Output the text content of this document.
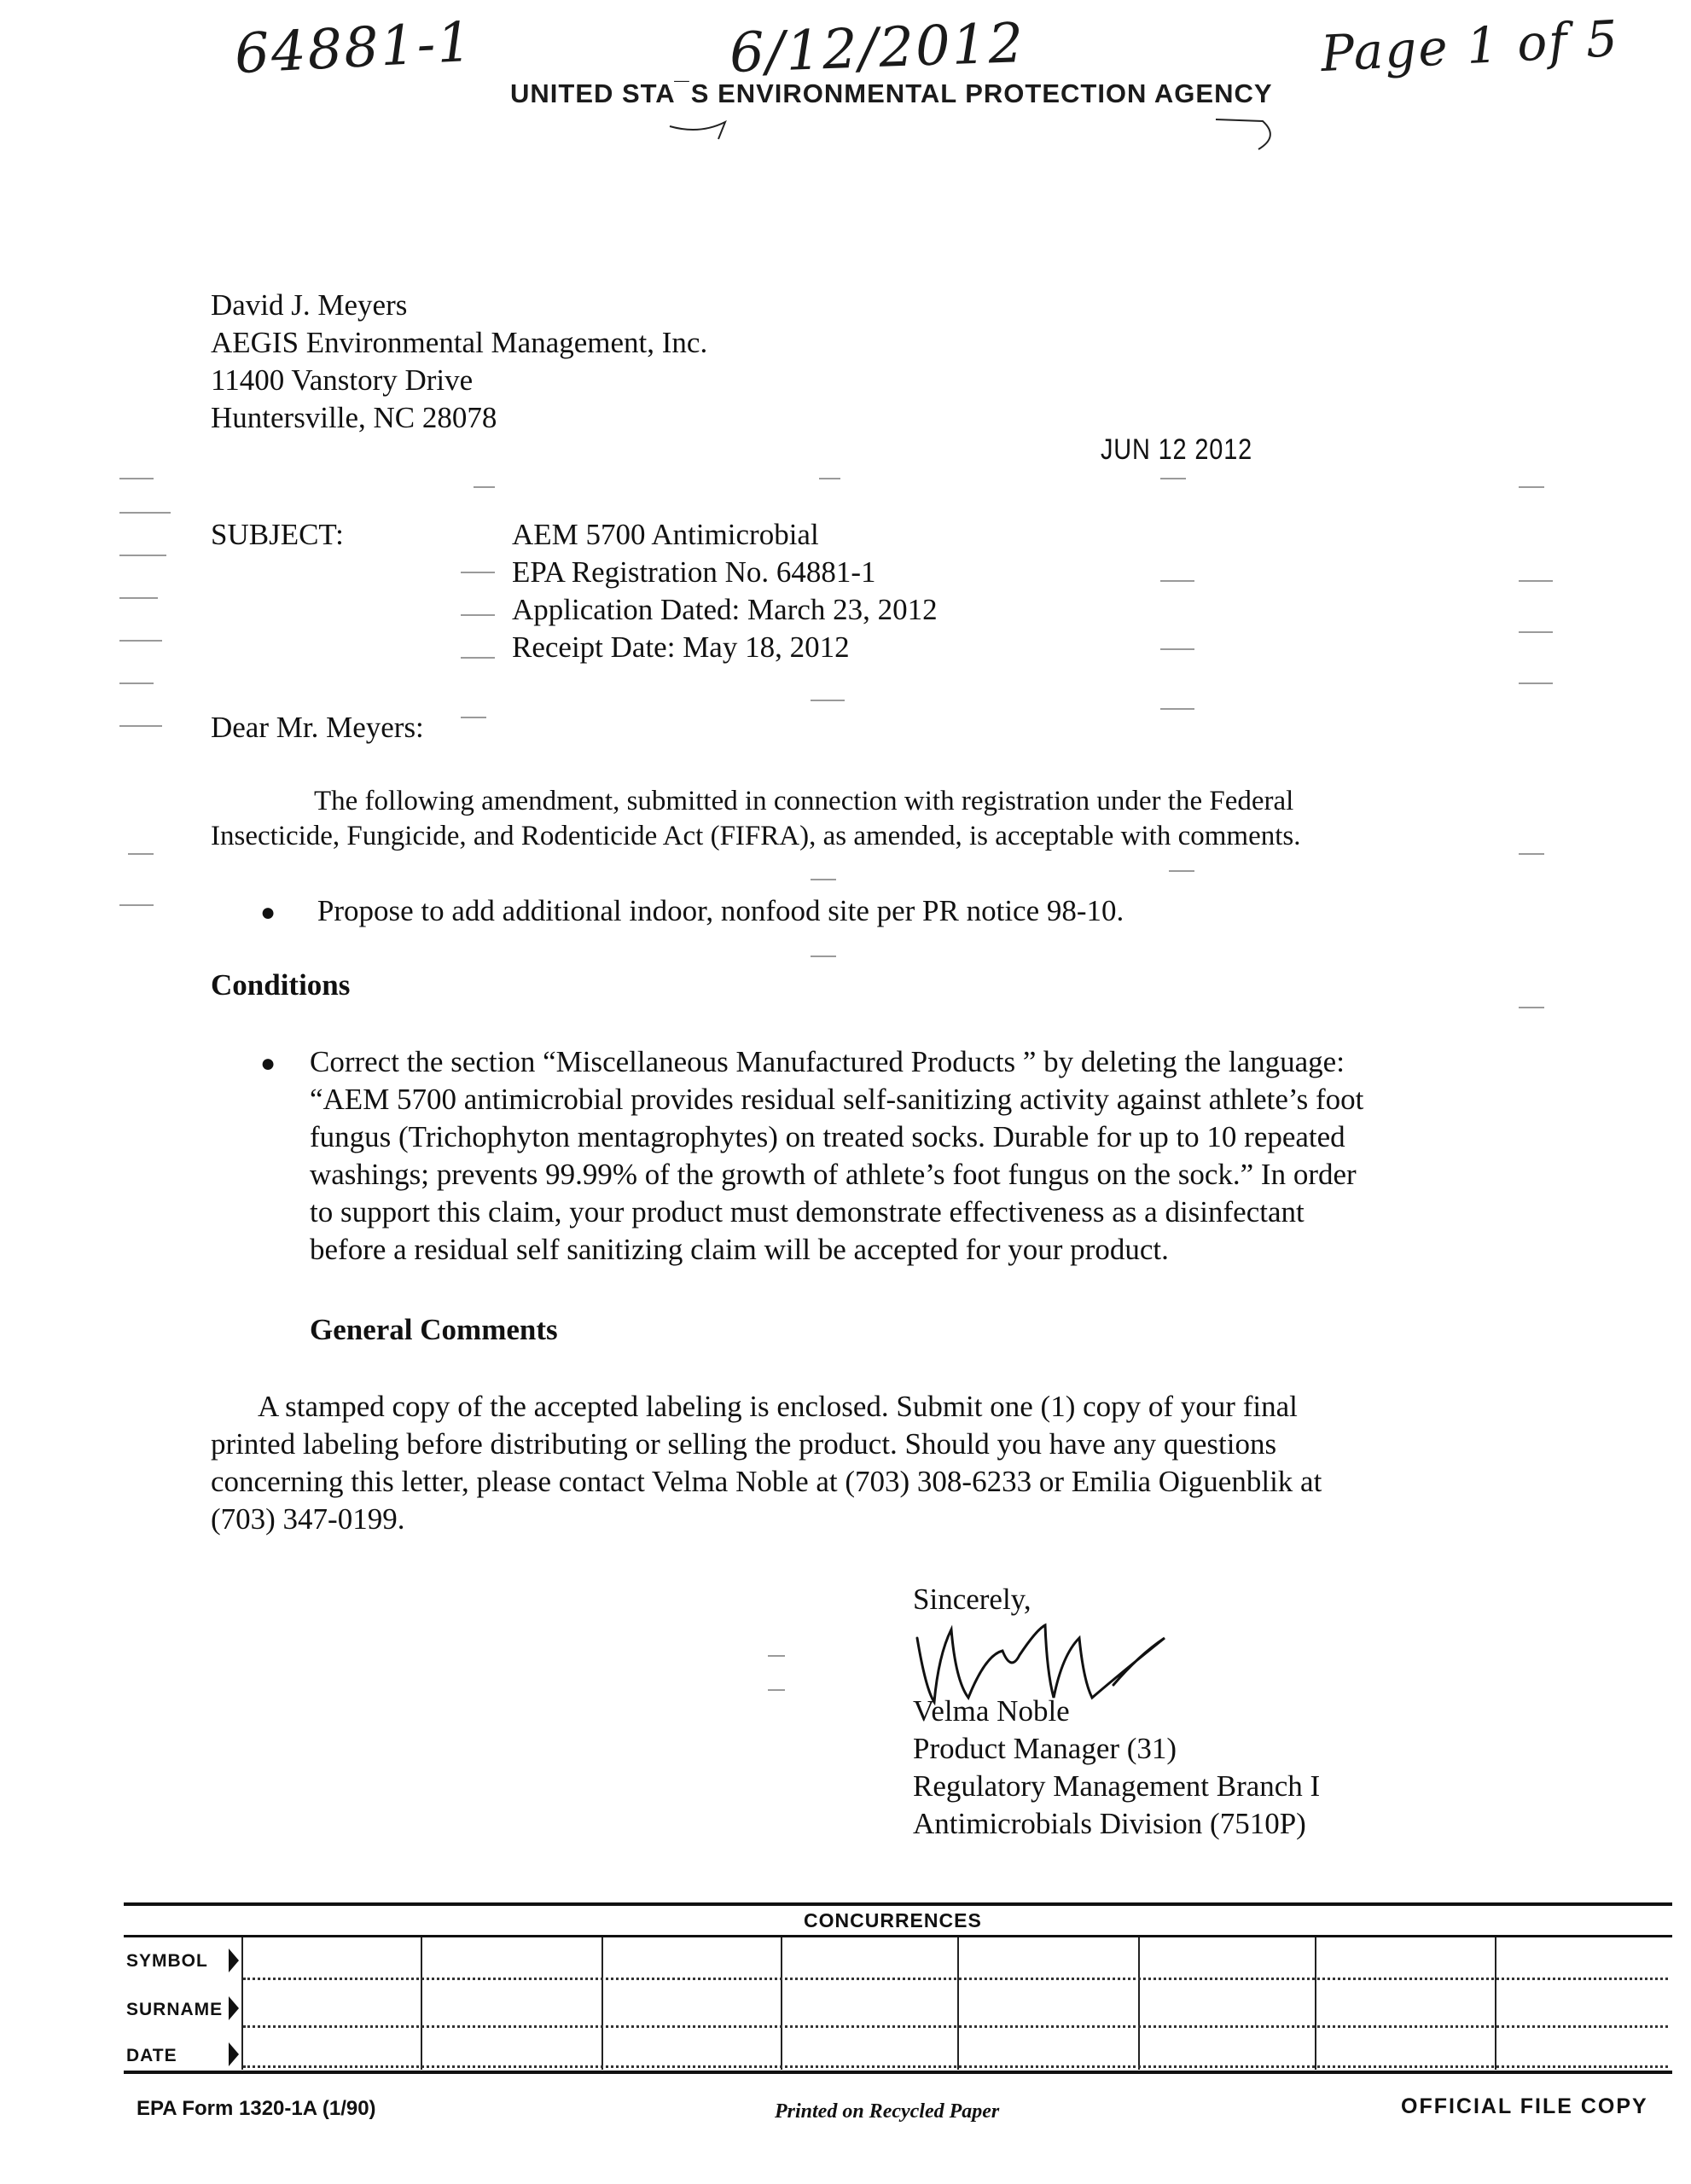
64881-1	6/12/2012	Page 1 of 5
UNITED STA ̅ S ENVIRONMENTAL PROTECTION AGENCY
David J. Meyers
AEGIS Environmental Management, Inc.
11400 Vanstory Drive
Huntersville, NC 28078
JUN 12 2012
SUBJECT:	AEM 5700 Antimicrobial
EPA Registration No. 64881-1
Application Dated: March 23, 2012
Receipt Date: May 18, 2012
Dear Mr. Meyers:
The following amendment, submitted in connection with registration under the Federal
Insecticide, Fungicide, and Rodenticide Act (FIFRA), as amended, is acceptable with comments.
● Propose to add additional indoor, nonfood site per PR notice 98-10.
Conditions
● Correct the section “Miscellaneous Manufactured Products ” by deleting the language:
“AEM 5700 antimicrobial provides residual self-sanitizing activity against athlete’s foot
fungus (Trichophyton mentagrophytes) on treated socks. Durable for up to 10 repeated
washings; prevents 99.99% of the growth of athlete’s foot fungus on the sock.” In order
to support this claim, your product must demonstrate effectiveness as a disinfectant
before a residual self sanitizing claim will be accepted for your product.
General Comments
A stamped copy of the accepted labeling is enclosed. Submit one (1) copy of your final
printed labeling before distributing or selling the product. Should you have any questions
concerning this letter, please contact Velma Noble at (703) 308-6233 or Emilia Oiguenblik at
(703) 347-0199.
Sincerely,
Velma Noble
Product Manager (31)
Regulatory Management Branch I
Antimicrobials Division (7510P)
CONCURRENCES
SYMBOL
SURNAME
DATE
EPA Form 1320-1A (1/90)	Printed on Recycled Paper	OFFICIAL FILE COPY
